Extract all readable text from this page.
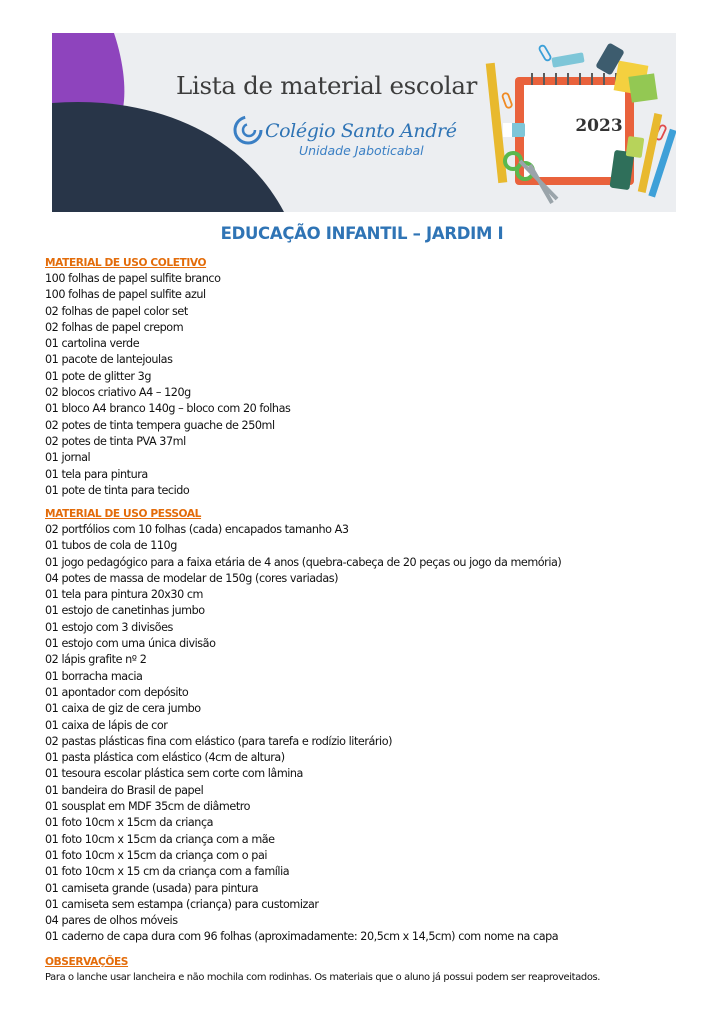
Lista de material escolar
Colégio Santo André
Unidade Jaboticabal
2023
EDUCAÇÃO INFANTIL – JARDIM I
MATERIAL DE USO COLETIVO
100 folhas de papel sulfite branco
100 folhas de papel sulfite azul
02 folhas de papel color set
02 folhas de papel crepom
01 cartolina verde
01 pacote de lantejoulas
01 pote de glitter 3g
02 blocos criativo A4 – 120g
01 bloco A4 branco 140g – bloco com 20 folhas
02 potes de tinta tempera guache de 250ml
02 potes de tinta PVA 37ml
01 jornal
01 tela para pintura
01 pote de tinta para tecido
MATERIAL DE USO PESSOAL
02 portfólios com 10 folhas (cada) encapados tamanho A3
01 tubos de cola de 110g
01 jogo pedagógico para a faixa etária de 4 anos (quebra-cabeça de 20 peças ou jogo da memória)
04 potes de massa de modelar de 150g (cores variadas)
01 tela para pintura 20x30 cm
01 estojo de canetinhas jumbo
01 estojo com 3 divisões
01 estojo com uma única divisão
02 lápis grafite nº 2
01 borracha macia
01 apontador com depósito
01 caixa de giz de cera jumbo
01 caixa de lápis de cor
02 pastas plásticas fina com elástico (para tarefa e rodízio literário)
01 pasta plástica com elástico (4cm de altura)
01 tesoura escolar plástica sem corte com lâmina
01 bandeira do Brasil de papel
01 sousplat em MDF 35cm de diâmetro
01 foto 10cm x 15cm da criança
01 foto 10cm x 15cm da criança com a mãe
01 foto 10cm x 15cm da criança com o pai
01 foto 10cm x 15 cm da criança com a família
01 camiseta grande (usada) para pintura
01 camiseta sem estampa (criança) para customizar
04 pares de olhos móveis
01 caderno de capa dura com 96 folhas (aproximadamente: 20,5cm x 14,5cm) com nome na capa
OBSERVAÇÕES
Para o lanche usar lancheira e não mochila com rodinhas. Os materiais que o aluno já possui podem ser reaproveitados.
